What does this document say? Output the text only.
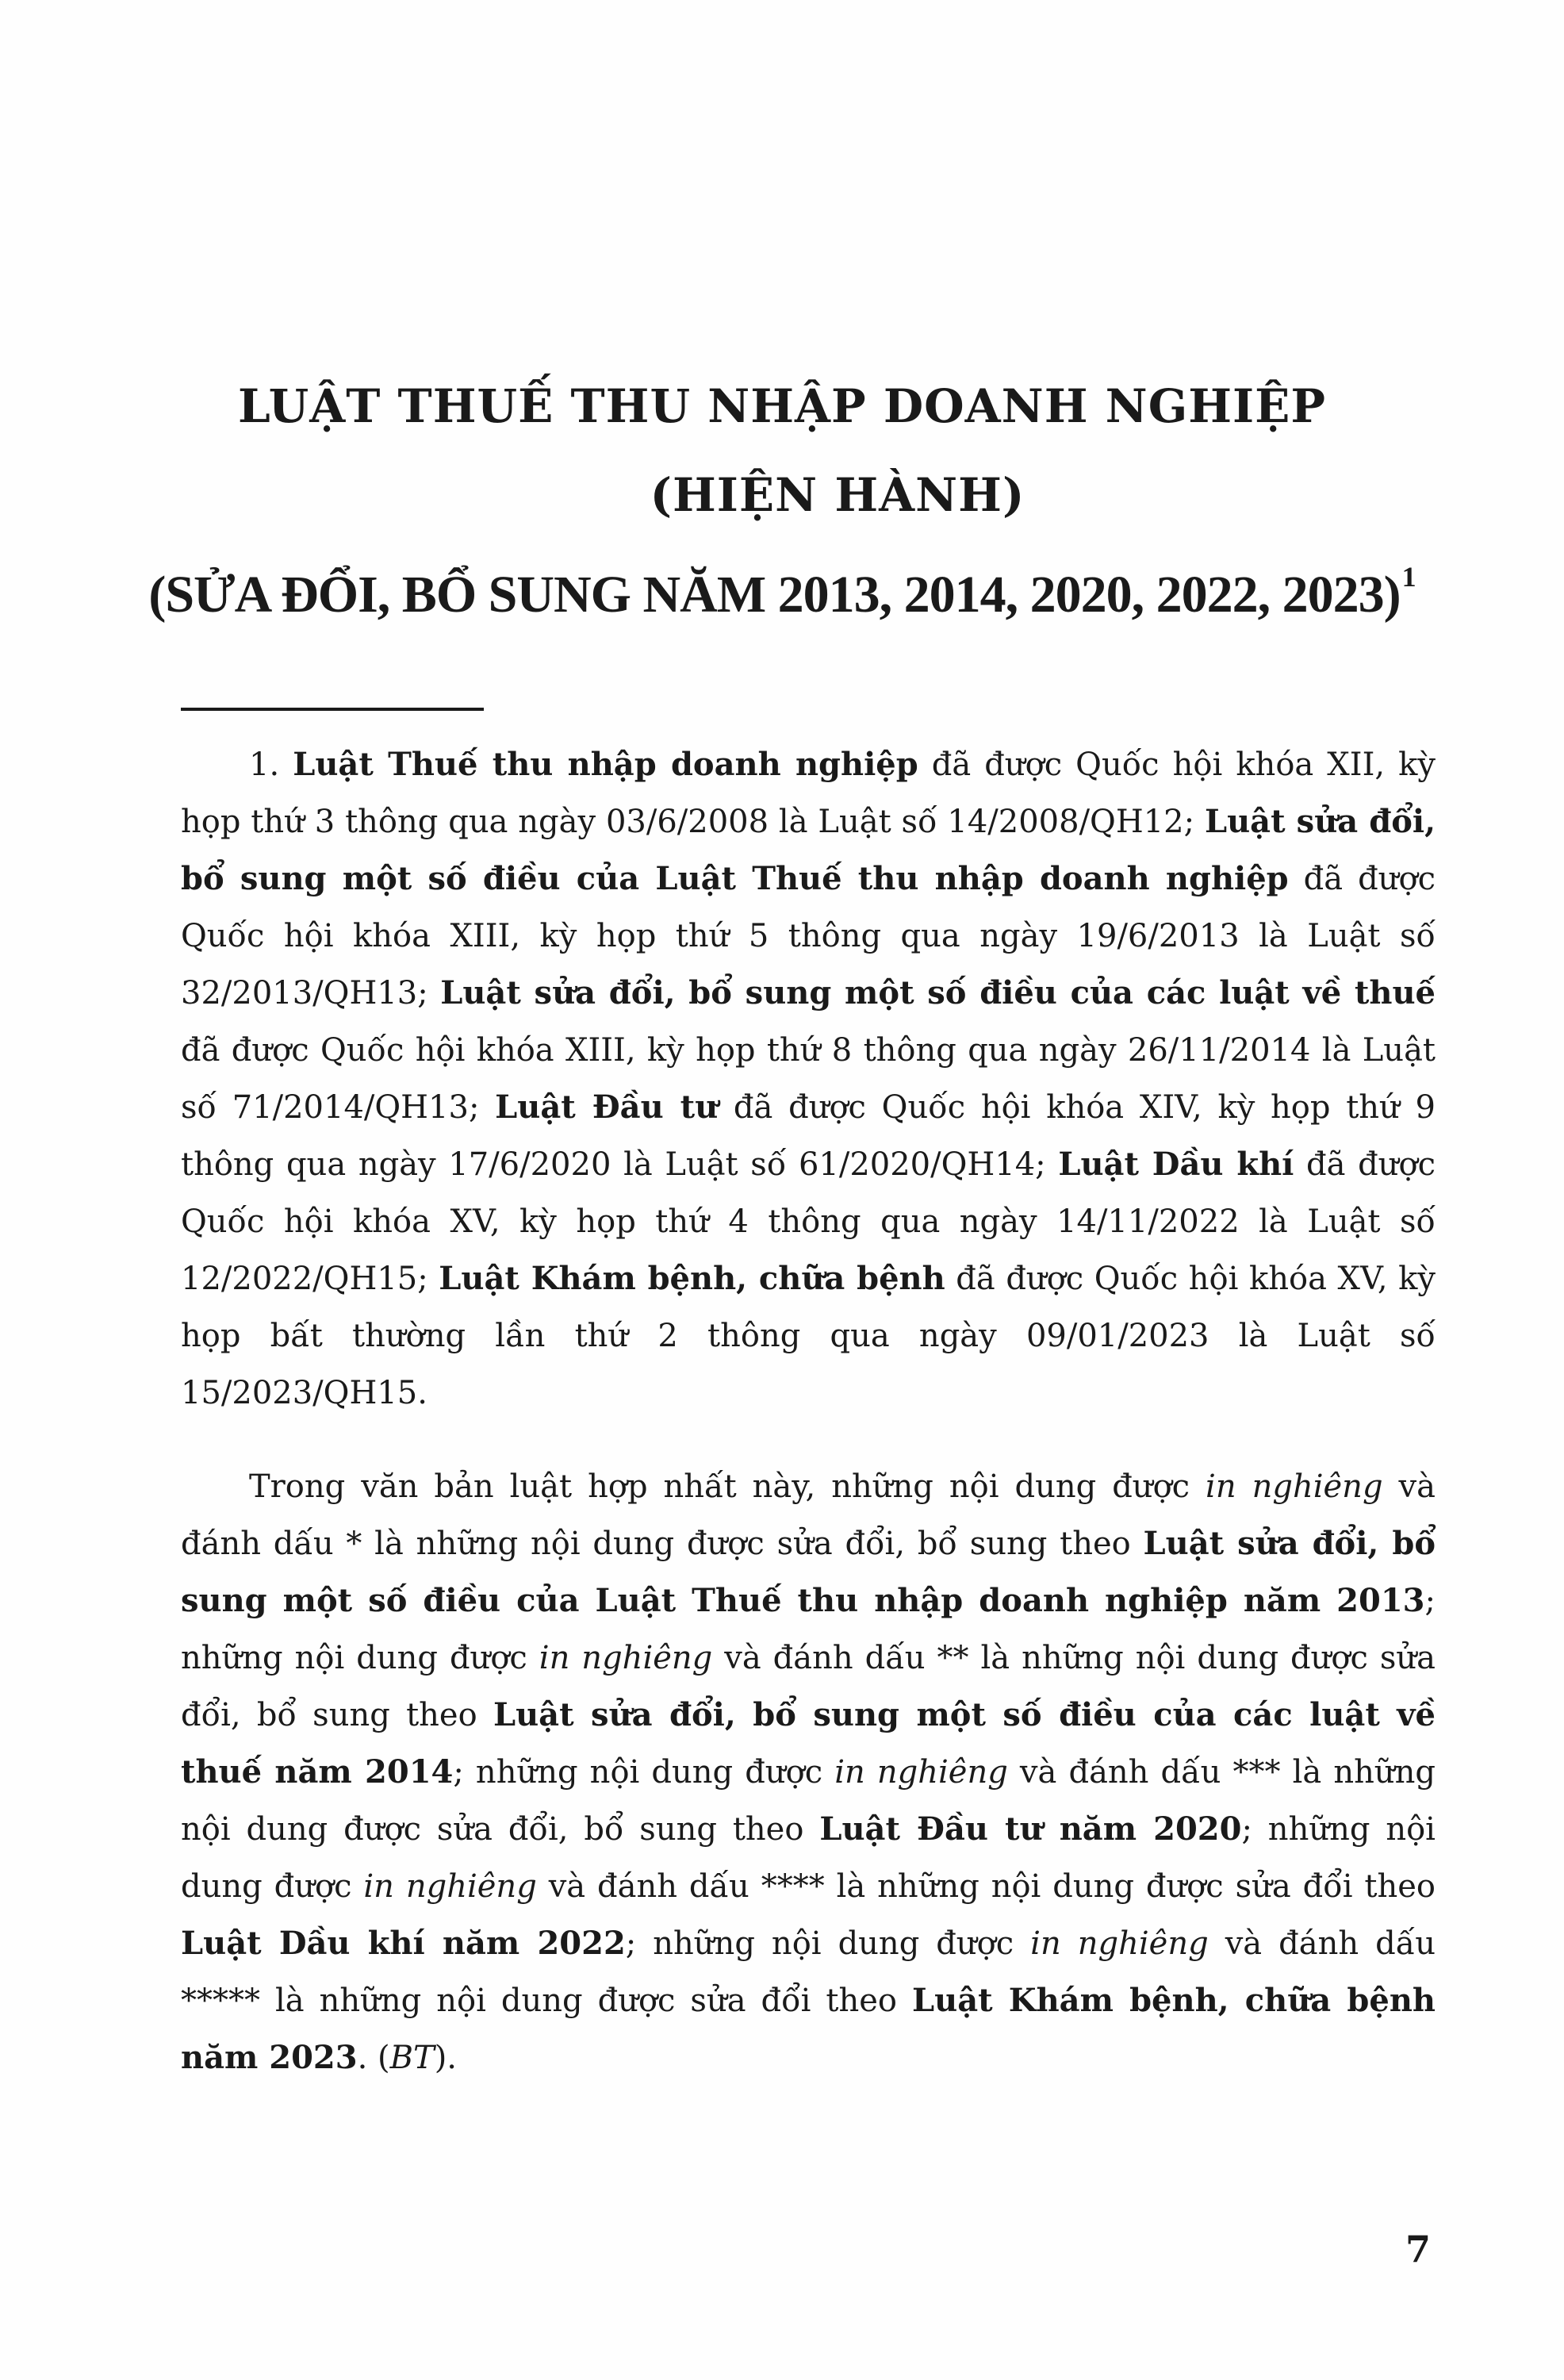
LUẬT THUẾ THU NHẬP DOANH NGHIỆP
(HIỆN HÀNH)
(SỬA ĐỔI, BỔ SUNG NĂM 2013, 2014, 2020, 2022, 2023)$^1$

1. Luật Thuế thu nhập doanh nghiệp đã được Quốc hội khóa XII, kỳ họp thứ 3 thông qua ngày 03/6/2008 là Luật số 14/2008/QH12; Luật sửa đổi, bổ sung một số điều của Luật Thuế thu nhập doanh nghiệp đã được Quốc hội khóa XIII, kỳ họp thứ 5 thông qua ngày 19/6/2013 là Luật số 32/2013/QH13; Luật sửa đổi, bổ sung một số điều của các luật về thuế đã được Quốc hội khóa XIII, kỳ họp thứ 8 thông qua ngày 26/11/2014 là Luật số 71/2014/QH13; Luật Đầu tư đã được Quốc hội khóa XIV, kỳ họp thứ 9 thông qua ngày 17/6/2020 là Luật số 61/2020/QH14; Luật Dầu khí đã được Quốc hội khóa XV, kỳ họp thứ 4 thông qua ngày 14/11/2022 là Luật số 12/2022/QH15; Luật Khám bệnh, chữa bệnh đã được Quốc hội khóa XV, kỳ họp bất thường lần thứ 2 thông qua ngày 09/01/2023 là Luật số 15/2023/QH15.

Trong văn bản luật hợp nhất này, những nội dung được in nghiêng và đánh dấu * là những nội dung được sửa đổi, bổ sung theo Luật sửa đổi, bổ sung một số điều của Luật Thuế thu nhập doanh nghiệp năm 2013; những nội dung được in nghiêng và đánh dấu ** là những nội dung được sửa đổi, bổ sung theo Luật sửa đổi, bổ sung một số điều của các luật về thuế năm 2014; những nội dung được in nghiêng và đánh dấu *** là những nội dung được sửa đổi, bổ sung theo Luật Đầu tư năm 2020; những nội dung được in nghiêng và đánh dấu **** là những nội dung được sửa đổi theo Luật Dầu khí năm 2022; những nội dung được in nghiêng và đánh dấu ***** là những nội dung được sửa đổi theo Luật Khám bệnh, chữa bệnh năm 2023. (BT).

7
